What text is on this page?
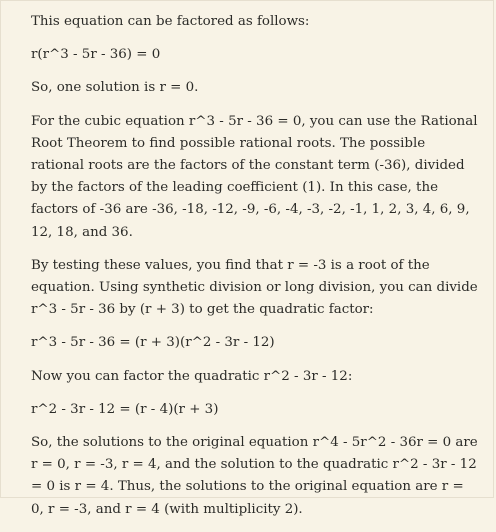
This equation can be factored as follows:

r(r^3 - 5r - 36) = 0

So, one solution is r = 0.

For the cubic equation r^3 - 5r - 36 = 0, you can use the Rational Root Theorem to find possible rational roots. The possible rational roots are the factors of the constant term (-36), divided by the factors of the leading coefficient (1). In this case, the factors of -36 are -36, -18, -12, -9, -6, -4, -3, -2, -1, 1, 2, 3, 4, 6, 9, 12, 18, and 36.

By testing these values, you find that r = -3 is a root of the equation. Using synthetic division or long division, you can divide r^3 - 5r - 36 by (r + 3) to get the quadratic factor:

r^3 - 5r - 36 = (r + 3)(r^2 - 3r - 12)

Now you can factor the quadratic r^2 - 3r - 12:

r^2 - 3r - 12 = (r - 4)(r + 3)

So, the solutions to the original equation r^4 - 5r^2 - 36r = 0 are r = 0, r = -3, r = 4, and the solution to the quadratic r^2 - 3r - 12 = 0 is r = 4. Thus, the solutions to the original equation are r = 0, r = -3, and r = 4 (with multiplicity 2).
